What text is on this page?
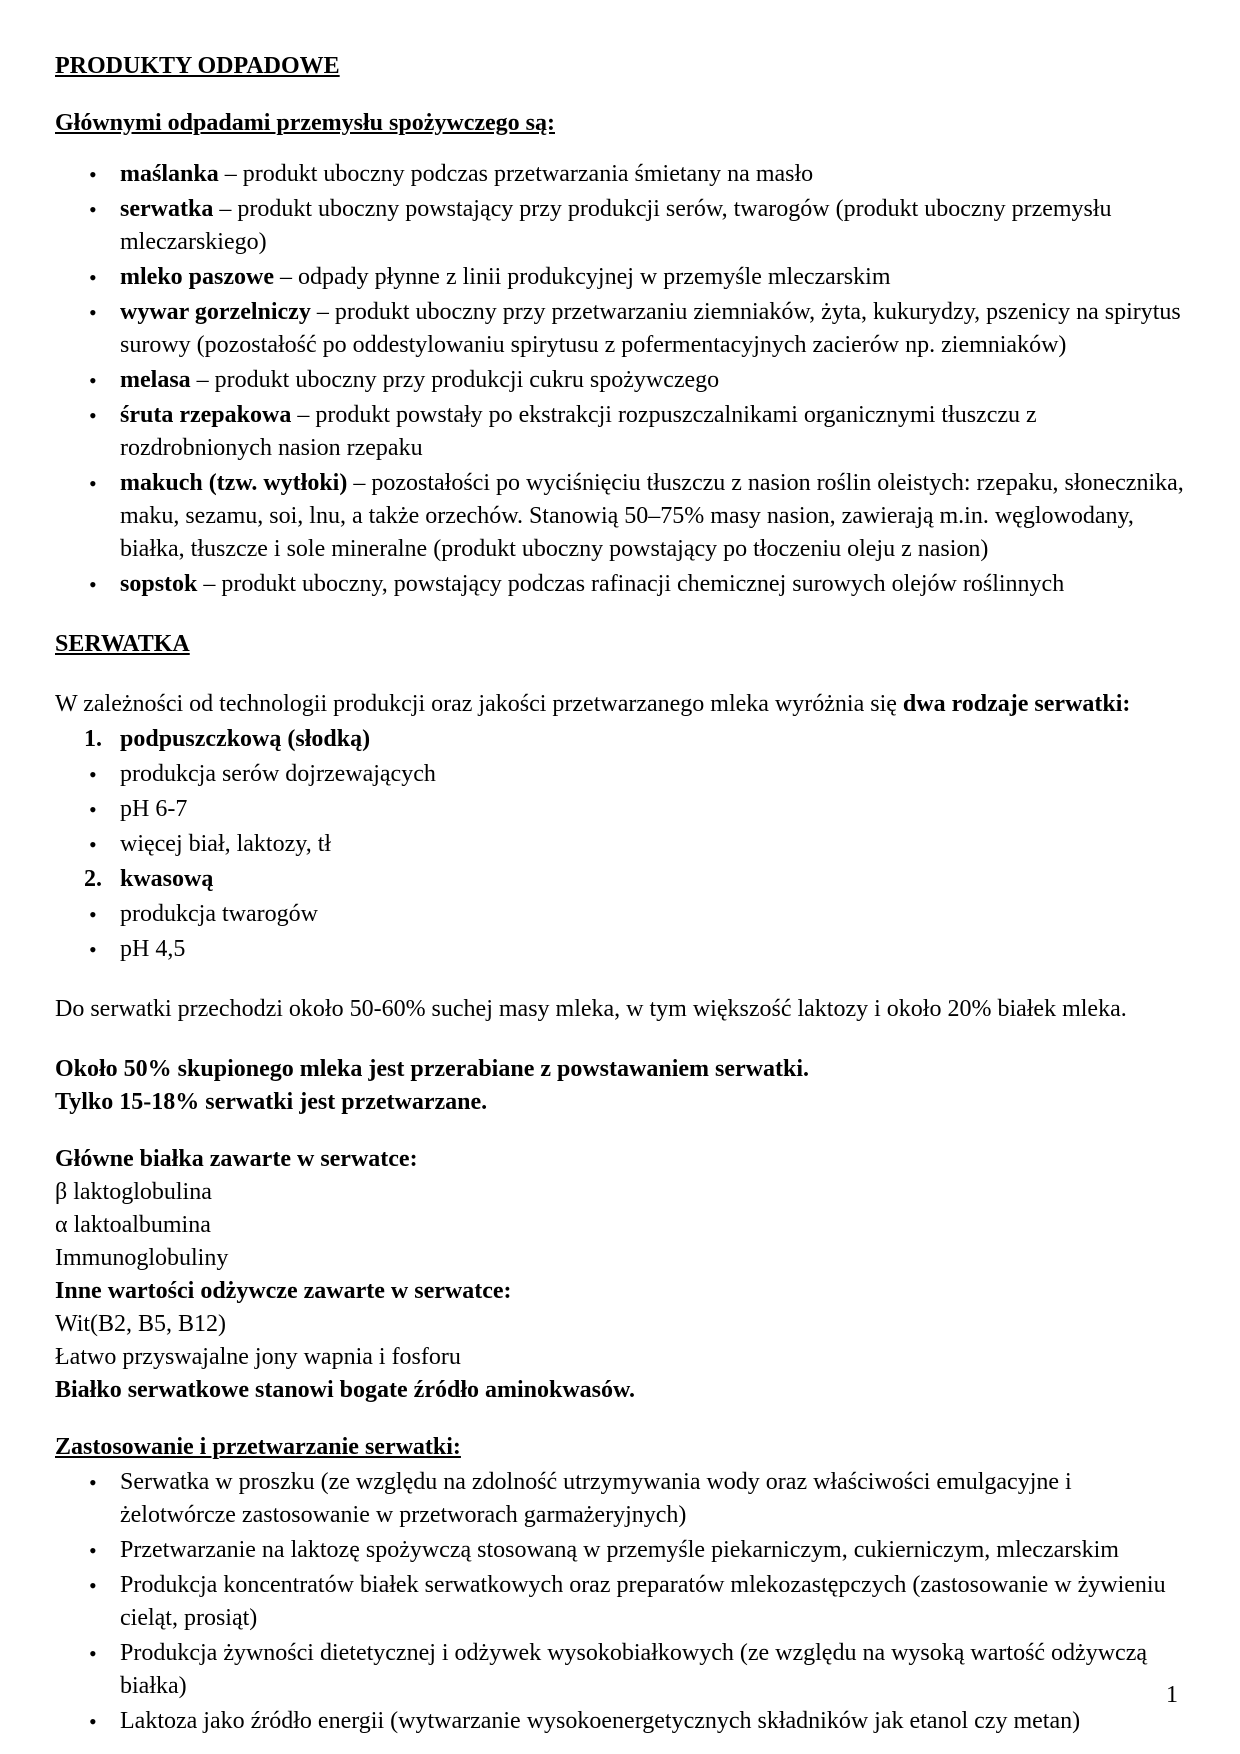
PRODUKTY ODPADOWE
Głównymi odpadami przemysłu spożywczego są:
• maślanka – produkt uboczny podczas przetwarzania śmietany na masło
• serwatka – produkt uboczny powstający przy produkcji serów, twarogów (produkt uboczny przemysłu mleczarskiego)
• mleko paszowe – odpady płynne z linii produkcyjnej w przemyśle mleczarskim
• wywar gorzelniczy – produkt uboczny przy przetwarzaniu ziemniaków, żyta, kukurydzy, pszenicy na spirytus surowy (pozostałość po oddestylowaniu spirytusu z pofermentacyjnych zacierów np. ziemniaków)
• melasa – produkt uboczny przy produkcji cukru spożywczego
• śruta rzepakowa – produkt powstały po ekstrakcji rozpuszczalnikami organicznymi tłuszczu z rozdrobnionych nasion rzepaku
• makuch (tzw. wytłoki) – pozostałości po wyciśnięciu tłuszczu z nasion roślin oleistych: rzepaku, słonecznika, maku, sezamu, soi, lnu, a także orzechów. Stanowią 50–75% masy nasion, zawierają m.in. węglowodany, białka, tłuszcze i sole mineralne (produkt uboczny powstający po tłoczeniu oleju z nasion)
• sopstok – produkt uboczny, powstający podczas rafinacji chemicznej surowych olejów roślinnych
SERWATKA

W zależności od technologii produkcji oraz jakości przetwarzanego mleka wyróżnia się dwa rodzaje serwatki:

1. podpuszczkową (słodką)
• produkcja serów dojrzewających
• pH 6-7
• więcej biał, laktozy, tł
2. kwasową
• produkcja twarogów
• pH 4,5

Do serwatki przechodzi około 50-60% suchej masy mleka, w tym większość laktozy i około 20% białek mleka.

Około 50% skupionego mleka jest przerabiane z powstawaniem serwatki.

Tylko 15-18% serwatki jest przetwarzane.

Główne białka zawarte w serwatce:

β laktoglobulina

α laktoalbumina

Immunoglobuliny

Inne wartości odżywcze zawarte w serwatce:

Wit(B2, B5, B12)

Łatwo przyswajalne jony wapnia i fosforu

Białko serwatkowe stanowi bogate źródło aminokwasów.

Zastosowanie i przetwarzanie serwatki:
• Serwatka w proszku (ze względu na zdolność utrzymywania wody oraz właściwości emulgacyjne i żelotwórcze zastosowanie w przetworach garmażeryjnych)
• Przetwarzanie na laktozę spożywczą stosowaną w przemyśle piekarniczym, cukierniczym, mleczarskim
• Produkcja koncentratów białek serwatkowych oraz preparatów mlekozastępczych (zastosowanie w żywieniu cieląt, prosiąt)
• Produkcja żywności dietetycznej i odżywek wysokobiałkowych (ze względu na wysoką wartość odżywczą białka)
• Laktoza jako źródło energii (wytwarzanie wysokoenergetycznych składników jak etanol czy metan)
1
